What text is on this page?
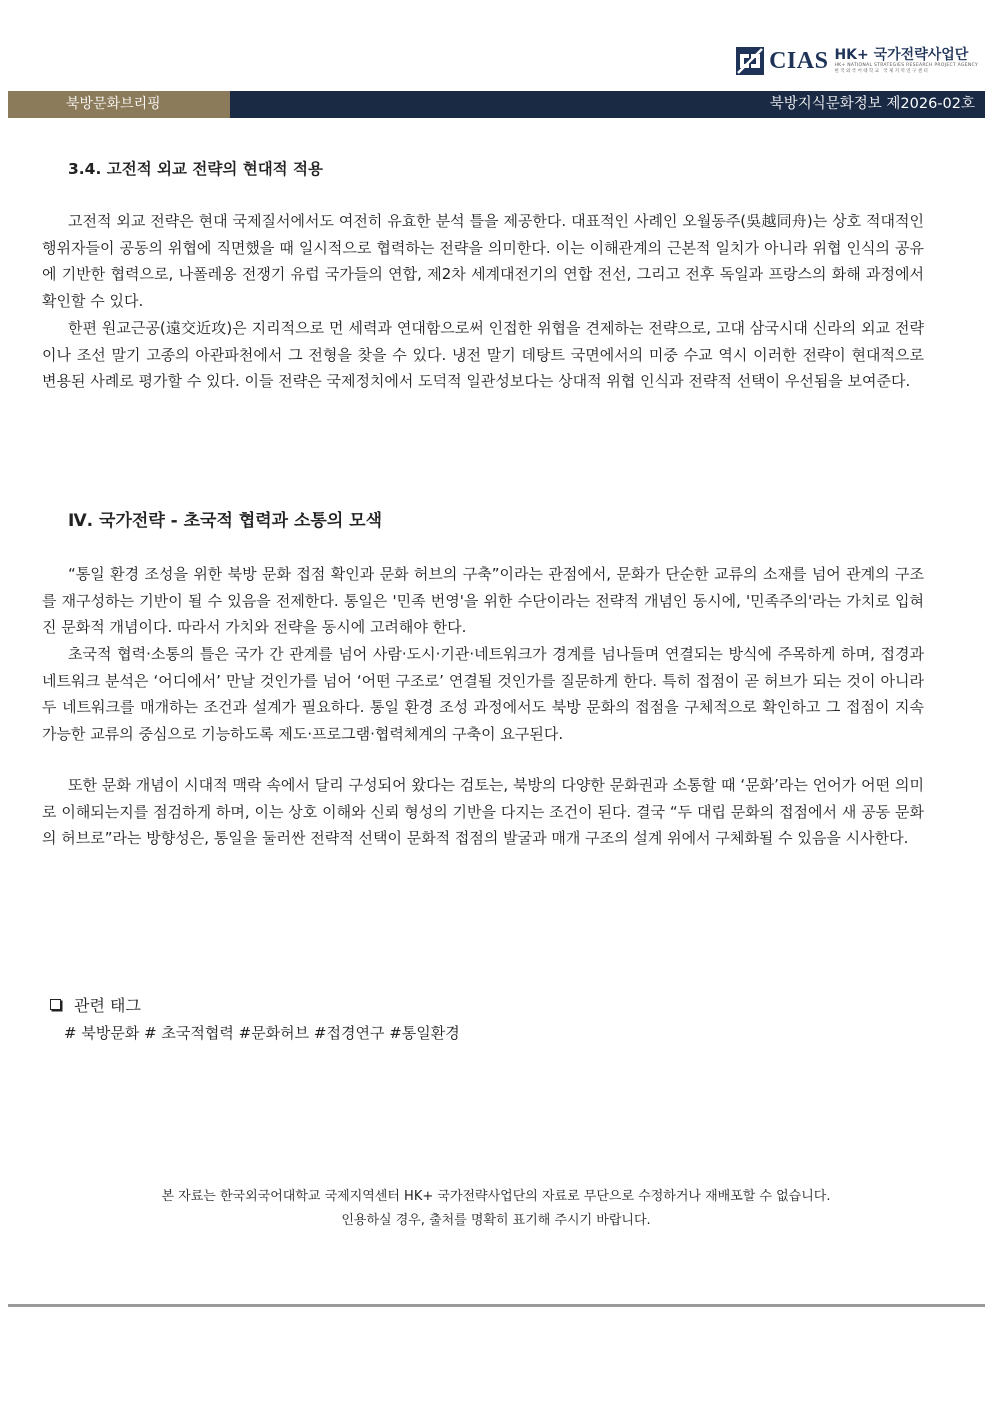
CIAS HK+ 국가전략사업단
HK+ NATIONAL STRATEGIES RESEARCH PROJECT AGENCY
한국외국어대학교 국제지역연구센터
북방문화브리핑	북방지식문화정보 제2026-02호
3.4. 고전적 외교 전략의 현대적 적용

고전적 외교 전략은 현대 국제질서에서도 여전히 유효한 분석 틀을 제공한다. 대표적인 사례인 오월동주(吳越同舟)는 상호 적대적인 행위자들이 공동의 위협에 직면했을 때 일시적으로 협력하는 전략을 의미한다. 이는 이해관계의 근본적 일치가 아니라 위협 인식의 공유에 기반한 협력으로, 나폴레옹 전쟁기 유럽 국가들의 연합, 제2차 세계대전기의 연합 전선, 그리고 전후 독일과 프랑스의 화해 과정에서 확인할 수 있다.

한편 원교근공(遠交近攻)은 지리적으로 먼 세력과 연대함으로써 인접한 위협을 견제하는 전략으로, 고대 삼국시대 신라의 외교 전략이나 조선 말기 고종의 아관파천에서 그 전형을 찾을 수 있다. 냉전 말기 데탕트 국면에서의 미중 수교 역시 이러한 전략이 현대적으로 변용된 사례로 평가할 수 있다. 이들 전략은 국제정치에서 도덕적 일관성보다는 상대적 위협 인식과 전략적 선택이 우선됨을 보여준다.

Ⅳ. 국가전략 - 초국적 협력과 소통의 모색

“통일 환경 조성을 위한 북방 문화 접점 확인과 문화 허브의 구축”이라는 관점에서, 문화가 단순한 교류의 소재를 넘어 관계의 구조를 재구성하는 기반이 될 수 있음을 전제한다. 통일은 '민족 번영'을 위한 수단이라는 전략적 개념인 동시에, '민족주의'라는 가치로 입혀진 문화적 개념이다. 따라서 가치와 전략을 동시에 고려해야 한다.

초국적 협력·소통의 틀은 국가 간 관계를 넘어 사람·도시·기관·네트워크가 경계를 넘나들며 연결되는 방식에 주목하게 하며, 접경과 네트워크 분석은 ‘어디에서’ 만날 것인가를 넘어 ‘어떤 구조로’ 연결될 것인가를 질문하게 한다. 특히 접점이 곧 허브가 되는 것이 아니라 두 네트워크를 매개하는 조건과 설계가 필요하다. 통일 환경 조성 과정에서도 북방 문화의 접점을 구체적으로 확인하고 그 접점이 지속 가능한 교류의 중심으로 기능하도록 제도·프로그램·협력체계의 구축이 요구된다.

또한 문화 개념이 시대적 맥락 속에서 달리 구성되어 왔다는 검토는, 북방의 다양한 문화권과 소통할 때 ‘문화’라는 언어가 어떤 의미로 이해되는지를 점검하게 하며, 이는 상호 이해와 신뢰 형성의 기반을 다지는 조건이 된다. 결국 “두 대립 문화의 접점에서 새 공동 문화의 허브로”라는 방향성은, 통일을 둘러싼 전략적 선택이 문화적 접점의 발굴과 매개 구조의 설계 위에서 구체화될 수 있음을 시사한다.

관련 태그
# 북방문화 # 초국적협력 #문화허브 #접경연구 #통일환경
본 자료는 한국외국어대학교 국제지역센터 HK+ 국가전략사업단의 자료로 무단으로 수정하거나 재배포할 수 없습니다.
인용하실 경우, 출처를 명확히 표기해 주시기 바랍니다.
